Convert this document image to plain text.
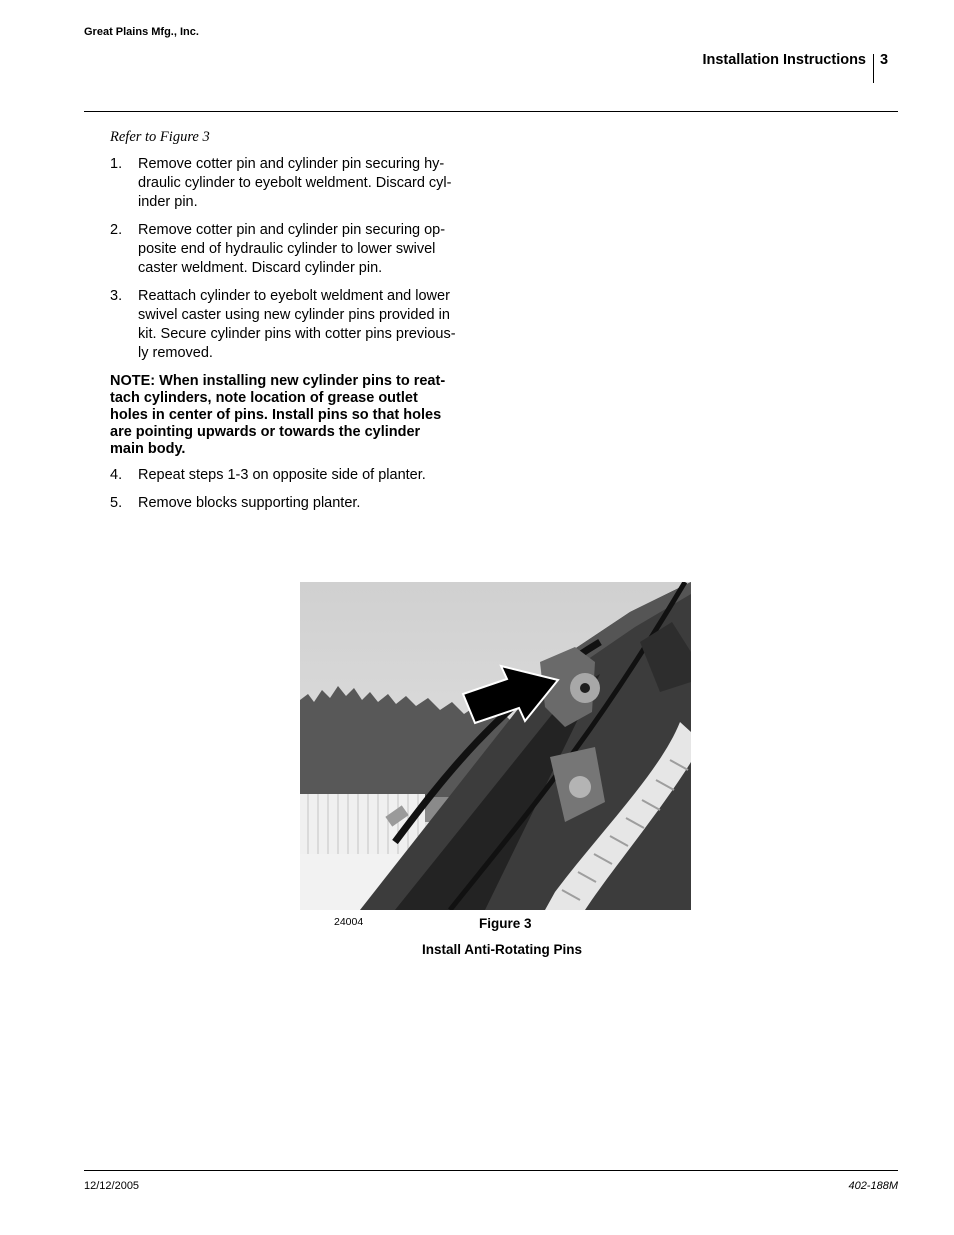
Great Plains Mfg., Inc.
Installation Instructions 3
Refer to Figure 3
1. Remove cotter pin and cylinder pin securing hy-
draulic cylinder to eyebolt weldment. Discard cyl-
inder pin.
2. Remove cotter pin and cylinder pin securing op-
posite end of hydraulic cylinder to lower swivel
caster weldment. Discard cylinder pin.
3. Reattach cylinder to eyebolt weldment and lower
swivel caster using new cylinder pins provided in
kit. Secure cylinder pins with cotter pins previous-
ly removed.
NOTE: When installing new cylinder pins to reat-
tach cylinders, note location of grease outlet
holes in center of pins. Install pins so that holes
are pointing upwards or towards the cylinder
main body.
4. Repeat steps 1-3 on opposite side of planter.
5. Remove blocks supporting planter.
24004	Figure 3
Install Anti-Rotating Pins
12/12/2005	402-188M
